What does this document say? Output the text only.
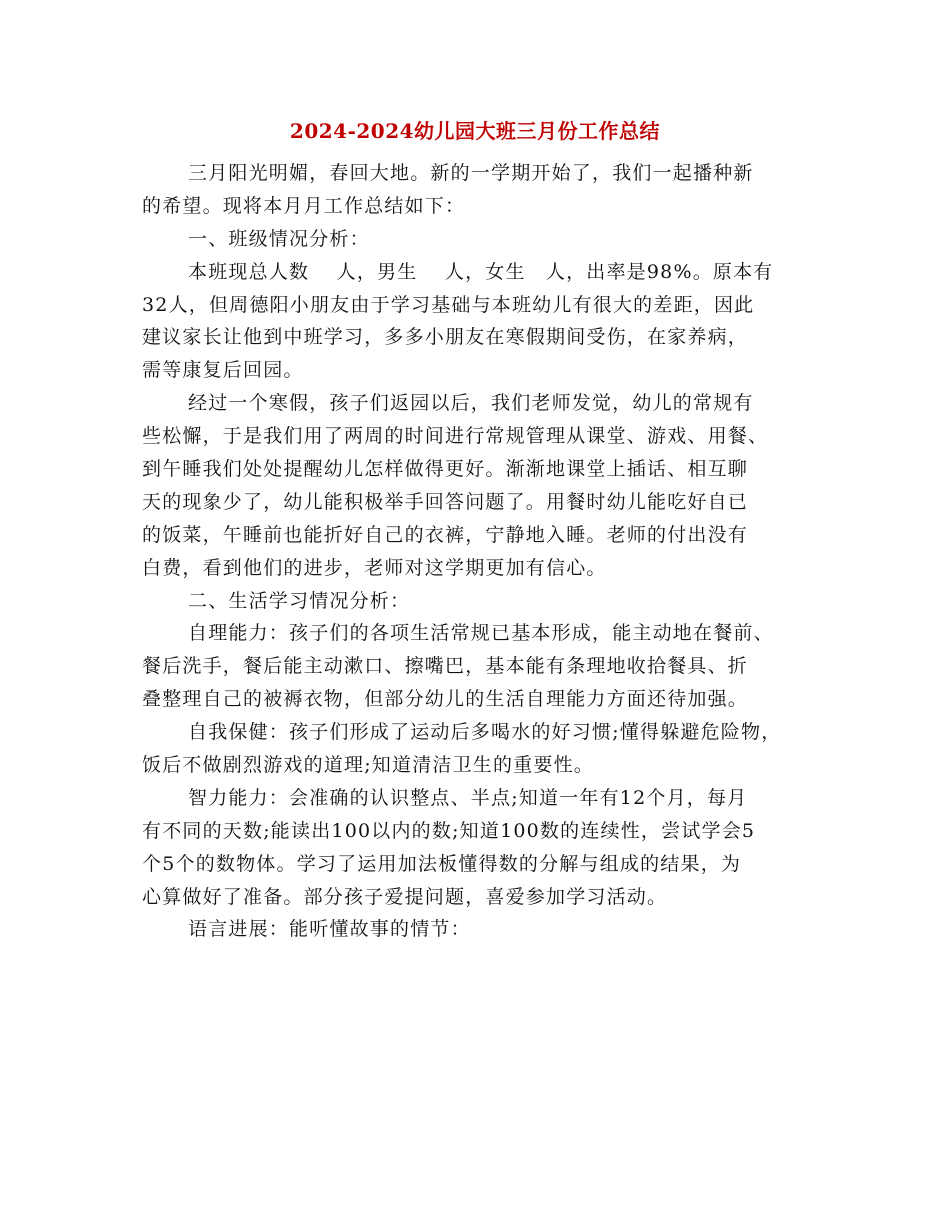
2024-2024幼儿园大班三月份工作总结
三月阳光明媚，春回大地。新的一学期开始了，我们一起播种新
的希望。现将本月月工作总结如下：
一、班级情况分析：
本班现总人数　 人，男生　 人，女生　人，出率是98%。原本有
32人，但周德阳小朋友由于学习基础与本班幼儿有很大的差距，因此
建议家长让他到中班学习，多多小朋友在寒假期间受伤，在家养病，
需等康复后回园。
经过一个寒假，孩子们返园以后，我们老师发觉，幼儿的常规有
些松懈，于是我们用了两周的时间进行常规管理从课堂、游戏、用餐、
到午睡我们处处提醒幼儿怎样做得更好。渐渐地课堂上插话、相互聊
天的现象少了，幼儿能积极举手回答问题了。用餐时幼儿能吃好自已
的饭菜，午睡前也能折好自己的衣裤，宁静地入睡。老师的付出没有
白费，看到他们的进步，老师对这学期更加有信心。
二、生活学习情况分析：
自理能力：孩子们的各项生活常规已基本形成，能主动地在餐前、
餐后洗手，餐后能主动漱口、擦嘴巴，基本能有条理地收拾餐具、折
叠整理自己的被褥衣物，但部分幼儿的生活自理能力方面还待加强。
自我保健：孩子们形成了运动后多喝水的好习惯;懂得躲避危险物，
饭后不做剧烈游戏的道理;知道清洁卫生的重要性。
智力能力：会准确的认识整点、半点;知道一年有12个月，每月
有不同的天数;能读出100以内的数;知道100数的连续性，尝试学会5
个5个的数物体。学习了运用加法板懂得数的分解与组成的结果，为
心算做好了准备。部分孩子爱提问题，喜爱参加学习活动。
语言进展：能听懂故事的情节：
